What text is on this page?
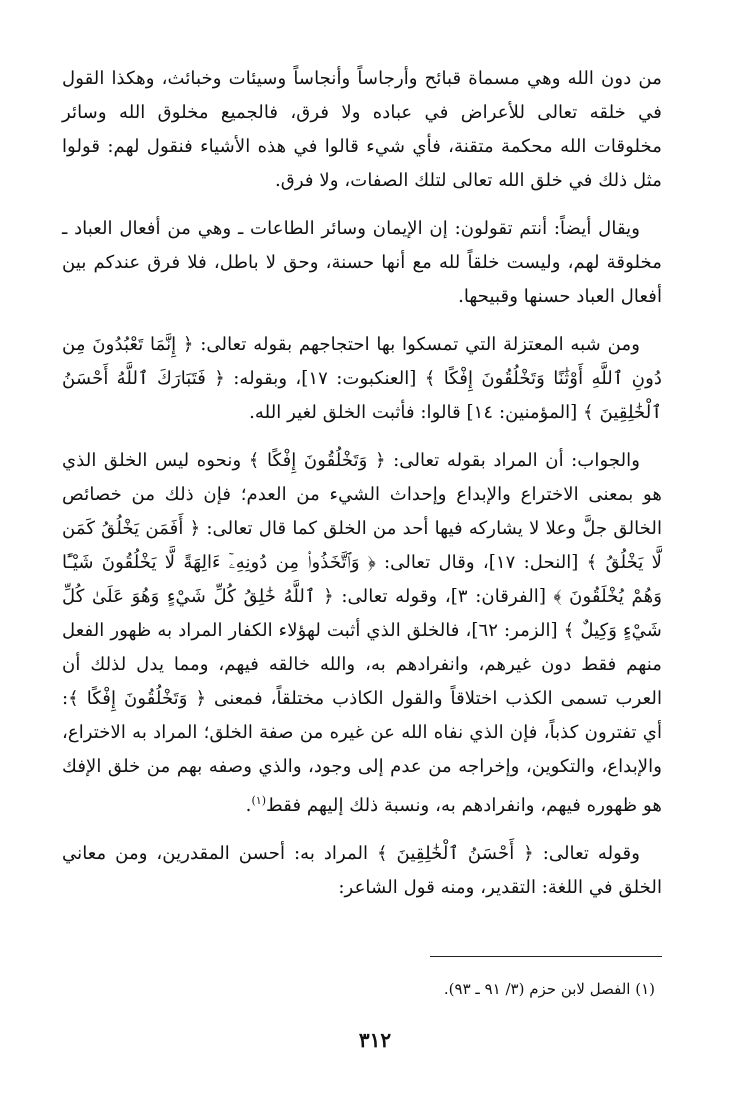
من دون الله وهي مسماة قبائح وأرجاساً وأنجاساً وسيئات وخبائث، وهكذا القول في خلقه تعالى للأعراض في عباده ولا فرق، فالجميع مخلوق الله وسائر مخلوقات الله محكمة متقنة، فأي شيء قالوا في هذه الأشياء فنقول لهم: قولوا مثل ذلك في خلق الله تعالى لتلك الصفات، ولا فرق.

ويقال أيضاً: أنتم تقولون: إن الإيمان وسائر الطاعات ـ وهي من أفعال العباد ـ مخلوقة لهم، وليست خلقاً لله مع أنها حسنة، وحق لا باطل، فلا فرق عندكم بين أفعال العباد حسنها وقبيحها.

ومن شبه المعتزلة التي تمسكوا بها احتجاجهم بقوله تعالى: ﴿ إِنَّمَا تَعْبُدُونَ مِن دُونِ ٱللَّهِ أَوْثَٰنًا وَتَخْلُقُونَ إِفْكًا ﴾ [العنكبوت: ١٧]، وبقوله: ﴿ فَتَبَارَكَ ٱللَّهُ أَحْسَنُ ٱلْخَٰلِقِينَ ﴾ [المؤمنين: ١٤] قالوا: فأثبت الخلق لغير الله.

والجواب: أن المراد بقوله تعالى: ﴿ وَتَخْلُقُونَ إِفْكًا ﴾ ونحوه ليس الخلق الذي هو بمعنى الاختراع والإبداع وإحداث الشيء من العدم؛ فإن ذلك من خصائص الخالق جلَّ وعلا لا يشاركه فيها أحد من الخلق كما قال تعالى: ﴿ أَفَمَن يَخْلُقُ كَمَن لَّا يَخْلُقُ ﴾ [النحل: ١٧]، وقال تعالى: ﴿ وَٱتَّخَذُوا۟ مِن دُونِهِۦٓ ءَالِهَةً لَّا يَخْلُقُونَ شَيْـًٔا وَهُمْ يُخْلَقُونَ ﴾ [الفرقان: ٣]، وقوله تعالى: ﴿ ٱللَّهُ خَٰلِقُ كُلِّ شَيْءٍ وَهُوَ عَلَىٰ كُلِّ شَيْءٍ وَكِيلٌ ﴾ [الزمر: ٦٢]، فالخلق الذي أثبت لهؤلاء الكفار المراد به ظهور الفعل منهم فقط دون غيرهم، وانفرادهم به، والله خالقه فيهم، ومما يدل لذلك أن العرب تسمى الكذب اختلاقاً والقول الكاذب مختلقاً، فمعنى ﴿ وَتَخْلُقُونَ إِفْكًا ﴾: أي تفترون كذباً، فإن الذي نفاه الله عن غيره من صفة الخلق؛ المراد به الاختراع، والإبداع، والتكوين، وإخراجه من عدم إلى وجود، والذي وصفه بهم من خلق الإفك هو ظهوره فيهم، وانفرادهم به، ونسبة ذلك إليهم فقط$^{(١)}$.

وقوله تعالى: ﴿ أَحْسَنُ ٱلْخَٰلِقِينَ ﴾ المراد به: أحسن المقدرين، ومن معاني الخلق في اللغة: التقدير، ومنه قول الشاعر:

(١) الفصل لابن حزم (٣/ ٩١ ـ ٩٣).
٣١٢
